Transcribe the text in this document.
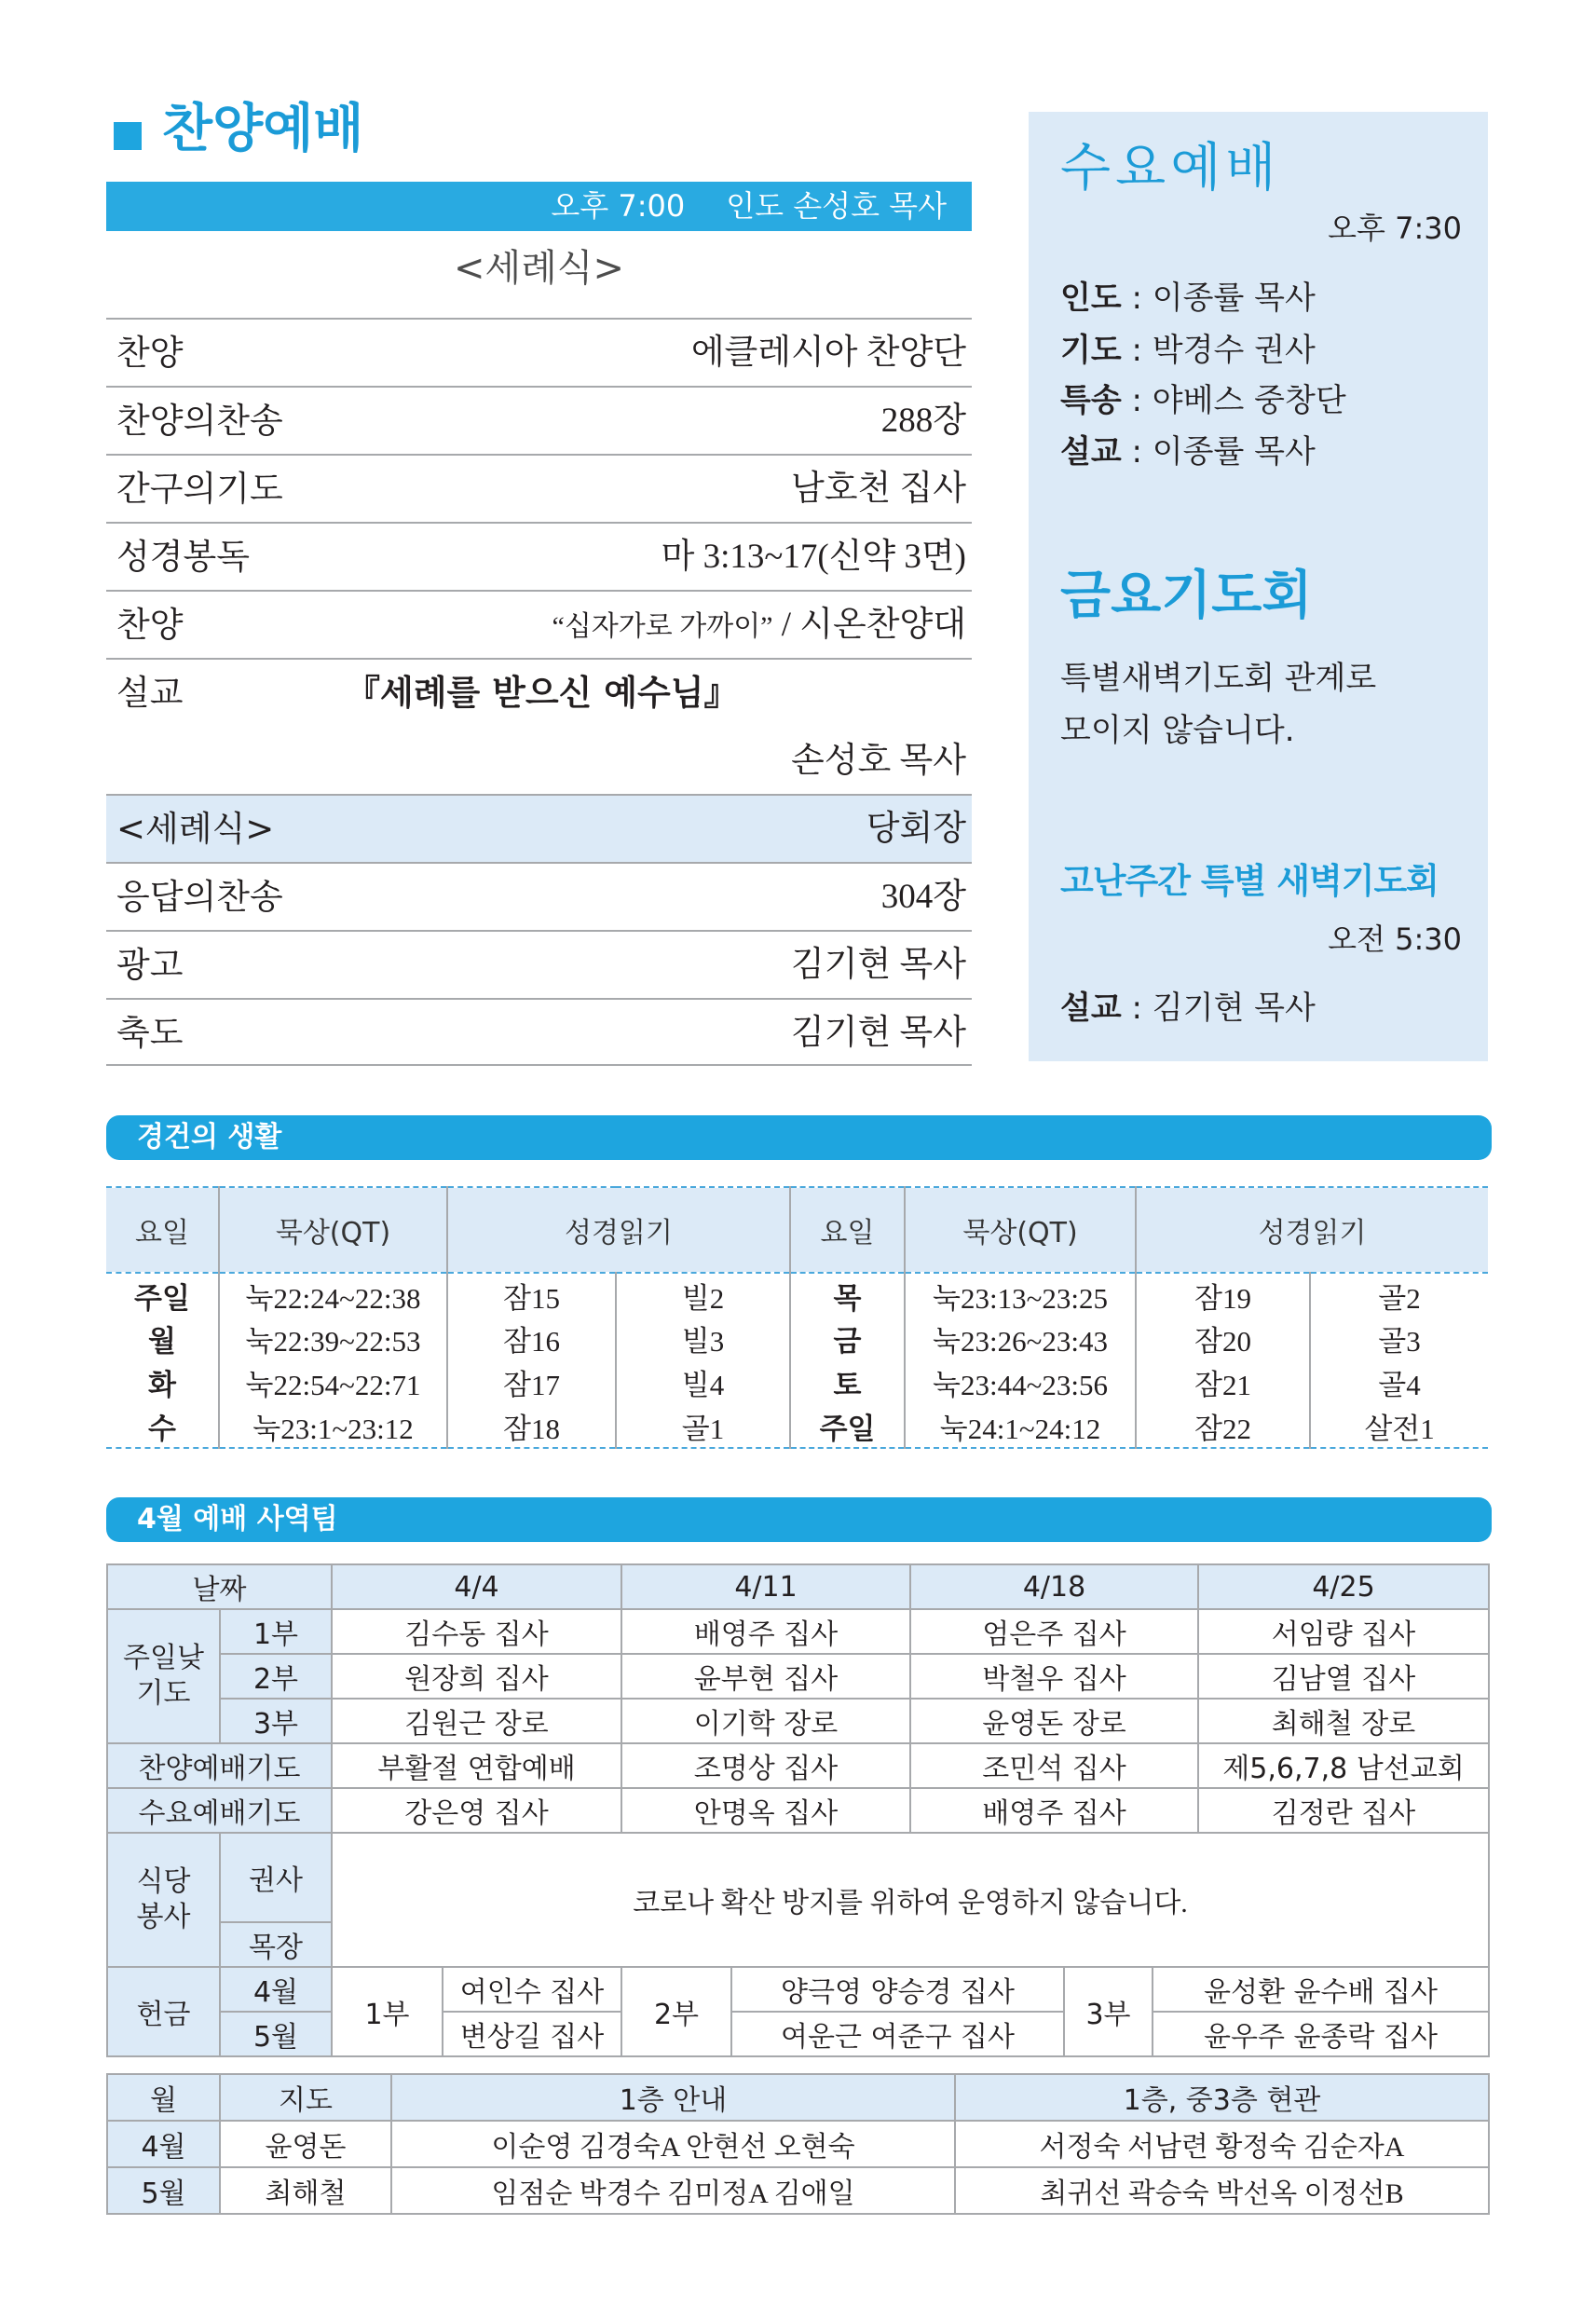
찬양예배
오후 7:00 인도 손성호 목사
<세례식>
찬양	에클레시아 찬양단
찬양의찬송	288장
간구의기도	남호천 집사
성경봉독	마 3:13~17(신약 3면)
찬양	“십자가로 가까이” / 시온찬양대
설교	『세례를 받으신 예수님』
손성호 목사
<세례식>	당회장
응답의찬송	304장
광고	김기현 목사
축도	김기현 목사
수요예배
오후 7:30
인도 : 이종률 목사
기도 : 박경수 권사
특송 : 야베스 중창단
설교 : 이종률 목사
금요기도회
특별새벽기도회 관계로
모이지 않습니다.
고난주간 특별 새벽기도회
오전 5:30
설교 : 김기현 목사
경건의 생활
요일	묵상(QT)	성경읽기		요일	묵상(QT)	성경읽기	
주일	눅22:24~22:38	잠15	빌2	목	눅23:13~23:25	잠19	골2
월	눅22:39~22:53	잠16	빌3	금	눅23:26~23:43	잠20	골3
화	눅22:54~22:71	잠17	빌4	토	눅23:44~23:56	잠21	골4
수	눅23:1~23:12	잠18	골1	주일	눅24:1~24:12	잠22	살전1
4월 예배 사역팀
날짜		4/4		4/11		4/18			4/25

주일낮
기도	1부	김수동 집사		배영주 집사		엄은주 집사			서임량 집사
	2부	원장희 집사		윤부현 집사		박철우 집사			김남열 집사
	3부	김원근 장로		이기학 장로		윤영돈 장로			최해철 장로
찬양예배기도		부활절 연합예배		조명상 집사		조민석 집사			제5,6,7,8 남선교회
수요예배기도		강은영 집사		안명옥 집사		배영주 집사			김정란 집사

식당
봉사	권사	코로나 확산 방지를 위하여 운영하지 않습니다.							
	목장								
헌금	4월	1부	여인수 집사	2부	양극영 양승경 집사		3부	윤성환 윤수배 집사	
	5월		변상길 집사		여운근 여준구 집사			윤우주 윤종락 집사	
월	지도	1층 안내	1층, 중3층 현관
4월	윤영돈	이순영 김경숙A 안현선 오현숙	서정숙 서남련 황정숙 김순자A
5월	최해철	임점순 박경수 김미정A 김애일	최귀선 곽승숙 박선옥 이정선B
